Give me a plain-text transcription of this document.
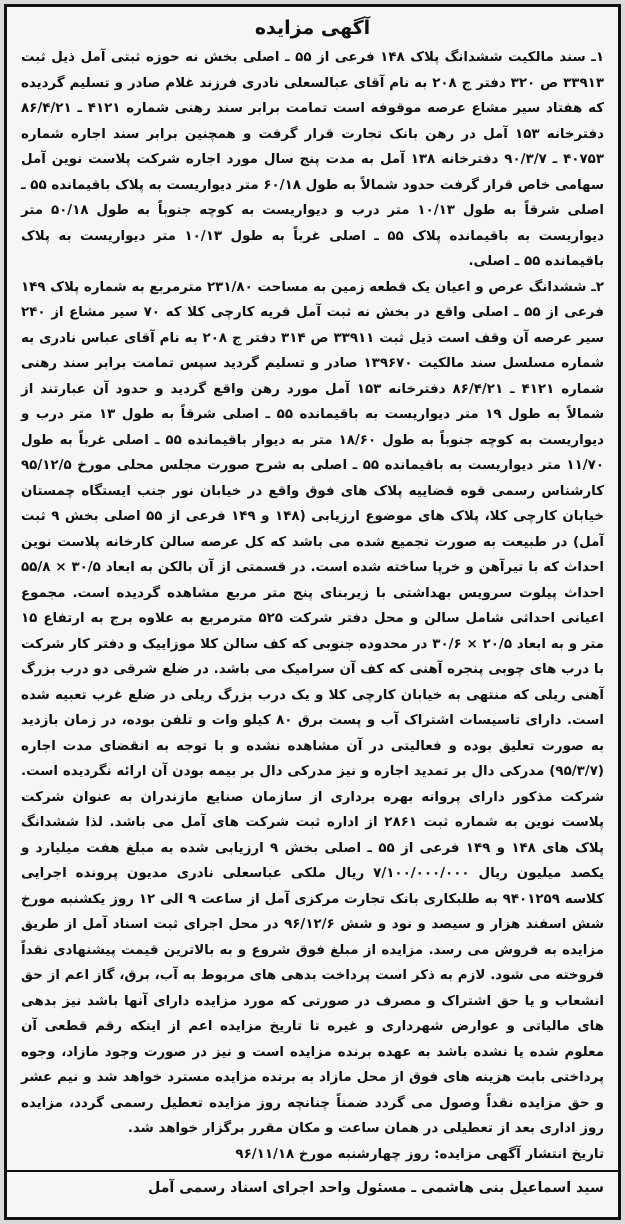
آگهی مزایده

۱ـ سند مالکیت ششدانگ پلاک ۱۴۸ فرعی از ۵۵ ـ اصلی بخش نه حوزه ثبتی آمل ذیل ثبت ۳۳۹۱۳ ص ۳۲۰ دفتر ج ۲۰۸ به نام آقای عبالسعلی نادری فرزند غلام صادر و تسلیم گردیده که هفتاد سیر مشاع عرصه موقوفه است تمامت برابر سند رهنی شماره ۴۱۲۱ ـ ۸۶/۴/۲۱ دفترخانه ۱۵۳ آمل در رهن بانک تجارت قرار گرفت و همچنین برابر سند اجاره شماره ۴۰۷۵۳ ـ ۹۰/۳/۷ دفترخانه ۱۳۸ آمل به مدت پنج سال مورد اجاره شرکت پلاست نوین آمل سهامی خاص قرار گرفت حدود شمالاً به طول ۶۰/۱۸ متر دیواریست به پلاک باقیمانده ۵۵ ـ اصلی شرقاً به طول ۱۰/۱۳ متر درب و دیواریست به کوچه جنوباً به طول ۵۰/۱۸ متر دیواریست به باقیمانده پلاک ۵۵ ـ اصلی غرباً به طول ۱۰/۱۳ متر دیواریست به پلاک باقیمانده ۵۵ ـ اصلی.

۲ـ ششدانگ عرص و اعیان یک قطعه زمین به مساحت ۲۳۱/۸۰ مترمربع به شماره پلاک ۱۴۹ فرعی از ۵۵ ـ اصلی واقع در بخش نه ثبت آمل قریه کارچی کلا که ۷۰ سیر مشاع از ۲۴۰ سیر عرصه آن وقف است ذیل ثبت ۳۳۹۱۱ ص ۳۱۴ دفتر ج ۲۰۸ به نام آقای عباس نادری به شماره مسلسل سند مالکیت ۱۳۹۶۷۰ صادر و تسلیم گردید سپس تمامت برابر سند رهنی شماره ۴۱۲۱ ـ ۸۶/۴/۲۱ دفترخانه ۱۵۳ آمل مورد رهن واقع گردید و حدود آن عبارتند از شمالاً به طول ۱۹ متر دیواریست به باقیمانده ۵۵ ـ اصلی شرقاً به طول ۱۳ متر درب و دیواریست به کوچه جنوباً به طول ۱۸/۶۰ متر به دیوار باقیمانده ۵۵ ـ اصلی غرباً به طول ۱۱/۷۰ متر دیواریست به باقیمانده ۵۵ ـ اصلی به شرح صورت مجلس محلی مورخ ۹۵/۱۲/۵ کارشناس رسمی قوه قضاییه پلاک های فوق واقع در خیابان نور جنب ایستگاه چمستان خیابان کارچی کلا، پلاک های موضوع ارزیابی (۱۴۸ و ۱۴۹ فرعی از ۵۵ اصلی بخش ۹ ثبت آمل) در طبیعت به صورت تجمیع شده می باشد که کل عرصه سالن کارخانه پلاست نوین احداث که با تیرآهن و خرپا ساخته شده است. در قسمتی از آن بالکن به ابعاد ۳۰/۵ × ۵۵/۸ احداث پیلوت سرویس بهداشتی با زیربنای پنج متر مربع مشاهده گردیده است. مجموع اعیانی احداثی شامل سالن و محل دفتر شرکت ۵۲۵ مترمربع به علاوه برج به ارتفاع ۱۵ متر و به ابعاد ۲۰/۵ × ۳۰/۶ در محدوده جنوبی که کف سالن کلا موزاییک و دفتر کار شرکت با درب های چوبی پنجره آهنی که کف آن سرامیک می باشد. در ضلع شرقی دو درب بزرگ آهنی ریلی که منتهی به خیابان کارچی کلا و یک درب بزرگ ریلی در ضلع غرب تعبیه شده است. دارای تاسیسات اشتراک آب و پست برق ۸۰ کیلو وات و تلفن بوده، در زمان بازدید به صورت تعلیق بوده و فعالیتی در آن مشاهده نشده و با توجه به انقضای مدت اجاره (۹۵/۳/۷) مدرکی دال بر تمدید اجاره و نیز مدرکی دال بر بیمه بودن آن ارائه نگردیده است. شرکت مذکور دارای پروانه بهره برداری از سازمان صنایع مازندران به عنوان شرکت پلاست نوین به شماره ثبت ۲۸۶۱ از اداره ثبت شرکت های آمل می باشد. لذا ششدانگ پلاک های ۱۴۸ و ۱۴۹ فرعی از ۵۵ ـ اصلی بخش ۹ ارزیابی شده به مبلغ هفت میلیارد و یکصد میلیون ریال ۷/۱۰۰/۰۰۰/۰۰۰ ریال ملکی عباسعلی نادری مدیون پرونده اجرایی کلاسه ۹۴۰۱۲۵۹ به طلبکاری بانک تجارت مرکزی آمل از ساعت ۹ الی ۱۲ روز یکشنبه مورخ شش اسفند هزار و سیصد و نود و شش ۹۶/۱۲/۶ در محل اجرای ثبت اسناد آمل از طریق مزایده به فروش می رسد. مزایده از مبلغ فوق شروع و به بالاترین قیمت پیشنهادی نقداً فروخته می شود. لازم به ذکر است پرداخت بدهی های مربوط به آب، برق، گاز اعم از حق انشعاب و یا حق اشتراک و مصرف در صورتی که مورد مزایده دارای آنها باشد نیز بدهی های مالیاتی و عوارض شهرداری و غیره تا تاریخ مزایده اعم از اینکه رقم قطعی آن معلوم شده یا نشده باشد به عهده برنده مزایده است و نیز در صورت وجود مازاد، وجوه پرداختی بابت هزینه های فوق از محل مازاد به برنده مزایده مسترد خواهد شد و نیم عشر و حق مزایده نقداً وصول می گردد ضمناً چنانچه روز مزایده تعطیل رسمی گردد، مزایده روز اداری بعد از تعطیلی در همان ساعت و مکان مقرر برگزار خواهد شد.

تاریخ انتشار آگهی مزایده: روز چهارشنبه مورخ ۹۶/۱۱/۱۸
سید اسماعیل بنی هاشمی ـ مسئول واحد اجرای اسناد رسمی آمل
